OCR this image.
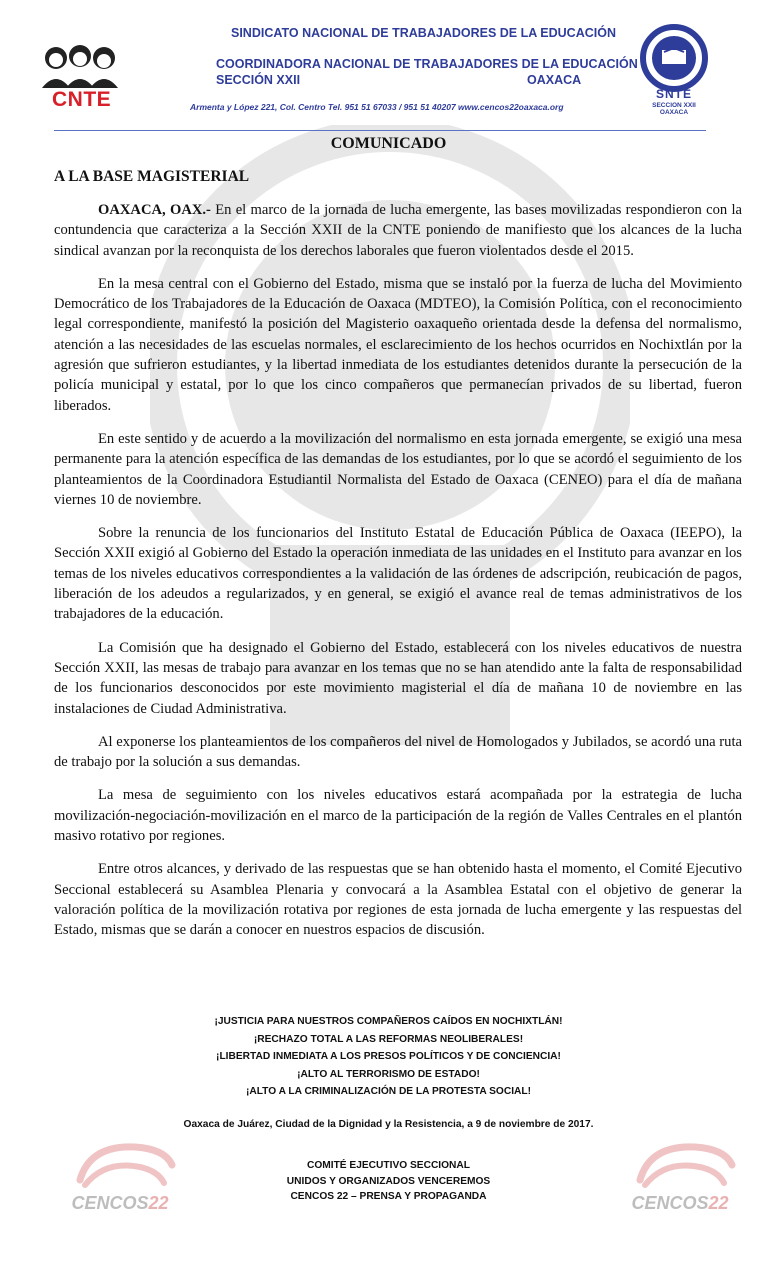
CNTE
SINDICATO NACIONAL DE TRABAJADORES DE LA EDUCACIÓN
COORDINADORA NACIONAL DE TRABAJADORES DE LA EDUCACIÓN
SECCIÓN XXII	OAXACA
Armenta y López 221, Col. Centro Tel. 951 51 67033 / 951 51 40207 www.cencos22oaxaca.org
SNTE
SECCION XXII
OAXACA
COMUNICADO
A LA BASE MAGISTERIAL

OAXACA, OAX.- En el marco de la jornada de lucha emergente, las bases movilizadas respondieron con la contundencia que caracteriza a la Sección XXII de la CNTE poniendo de manifiesto que los alcances de la lucha sindical avanzan por la reconquista de los derechos laborales que fueron violentados desde el 2015.

En la mesa central con el Gobierno del Estado, misma que se instaló por la fuerza de lucha del Movimiento Democrático de los Trabajadores de la Educación de Oaxaca (MDTEO), la Comisión Política, con el reconocimiento legal correspondiente, manifestó la posición del Magisterio oaxaqueño orientada desde la defensa del normalismo, atención a las necesidades de las escuelas normales, el esclarecimiento de los hechos ocurridos en Nochixtlán por la agresión que sufrieron estudiantes, y la libertad inmediata de los estudiantes detenidos durante la persecución de la policía municipal y estatal, por lo que los cinco compañeros que permanecían privados de su libertad, fueron liberados.

En este sentido y de acuerdo a la movilización del normalismo en esta jornada emergente, se exigió una mesa permanente para la atención específica de las demandas de los estudiantes, por lo que se acordó el seguimiento de los planteamientos de la Coordinadora Estudiantil Normalista del Estado de Oaxaca (CENEO) para el día de mañana viernes 10 de noviembre.

Sobre la renuncia de los funcionarios del Instituto Estatal de Educación Pública de Oaxaca (IEEPO), la Sección XXII exigió al Gobierno del Estado la operación inmediata de las unidades en el Instituto para avanzar en los temas de los niveles educativos correspondientes a la validación de las órdenes de adscripción, reubicación de pagos, liberación de los adeudos a regularizados, y en general, se exigió el avance real de temas administrativos de los trabajadores de la educación.

La Comisión que ha designado el Gobierno del Estado, establecerá con los niveles educativos de nuestra Sección XXII, las mesas de trabajo para avanzar en los temas que no se han atendido ante la falta de responsabilidad de los funcionarios desconocidos por este movimiento magisterial el día de mañana 10 de noviembre en las instalaciones de Ciudad Administrativa.

Al exponerse los planteamientos de los compañeros del nivel de Homologados y Jubilados, se acordó una ruta de trabajo por la solución a sus demandas.

La mesa de seguimiento con los niveles educativos estará acompañada por la estrategia de lucha movilización-negociación-movilización en el marco de la participación de la región de Valles Centrales en el plantón masivo rotativo por regiones.

Entre otros alcances, y derivado de las respuestas que se han obtenido hasta el momento, el Comité Ejecutivo Seccional establecerá su Asamblea Plenaria y convocará a la Asamblea Estatal con el objetivo de generar la valoración política de la movilización rotativa por regiones de esta jornada de lucha emergente y las respuestas del Estado, mismas que se darán a conocer en nuestros espacios de discusión.

¡JUSTICIA PARA NUESTROS COMPAÑEROS CAÍDOS EN NOCHIXTLÁN!
¡RECHAZO TOTAL A LAS REFORMAS NEOLIBERALES!
¡LIBERTAD INMEDIATA A LOS PRESOS POLÍTICOS Y DE CONCIENCIA!
¡ALTO AL TERRORISMO DE ESTADO!
¡ALTO A LA CRIMINALIZACIÓN DE LA PROTESTA SOCIAL!
Oaxaca de Juárez, Ciudad de la Dignidad y la Resistencia, a 9 de noviembre de 2017.
COMITÉ EJECUTIVO SECCIONAL
UNIDOS Y ORGANIZADOS VENCEREMOS
CENCOS 22 – PRENSA Y PROPAGANDA
CENCOS22	CENCOS22
